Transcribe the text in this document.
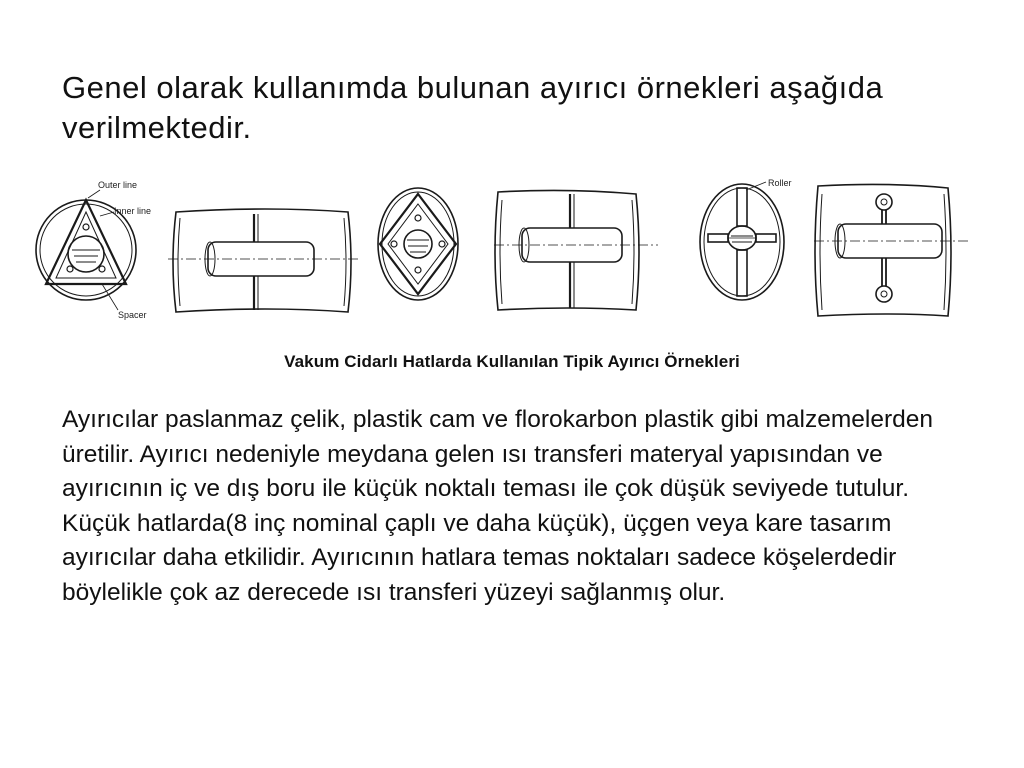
Genel olarak kullanımda bulunan ayırıcı örnekleri aşağıda verilmektedir.
Outer line
Inner line
Spacer
Roller
Vakum Cidarlı Hatlarda Kullanılan Tipik Ayırıcı Örnekleri

Ayırıcılar paslanmaz çelik, plastik cam ve florokarbon plastik gibi malzemelerden üretilir. Ayırıcı nedeniyle meydana gelen ısı transferi materyal yapısından ve ayırıcının iç ve dış boru ile küçük noktalı teması ile çok düşük seviyede tutulur. Küçük hatlarda(8 inç nominal çaplı ve daha küçük), üçgen veya kare tasarım ayırıcılar daha etkilidir. Ayırıcının hatlara temas noktaları sadece köşelerdedir böylelikle çok az derecede ısı transferi yüzeyi sağlanmış olur.
